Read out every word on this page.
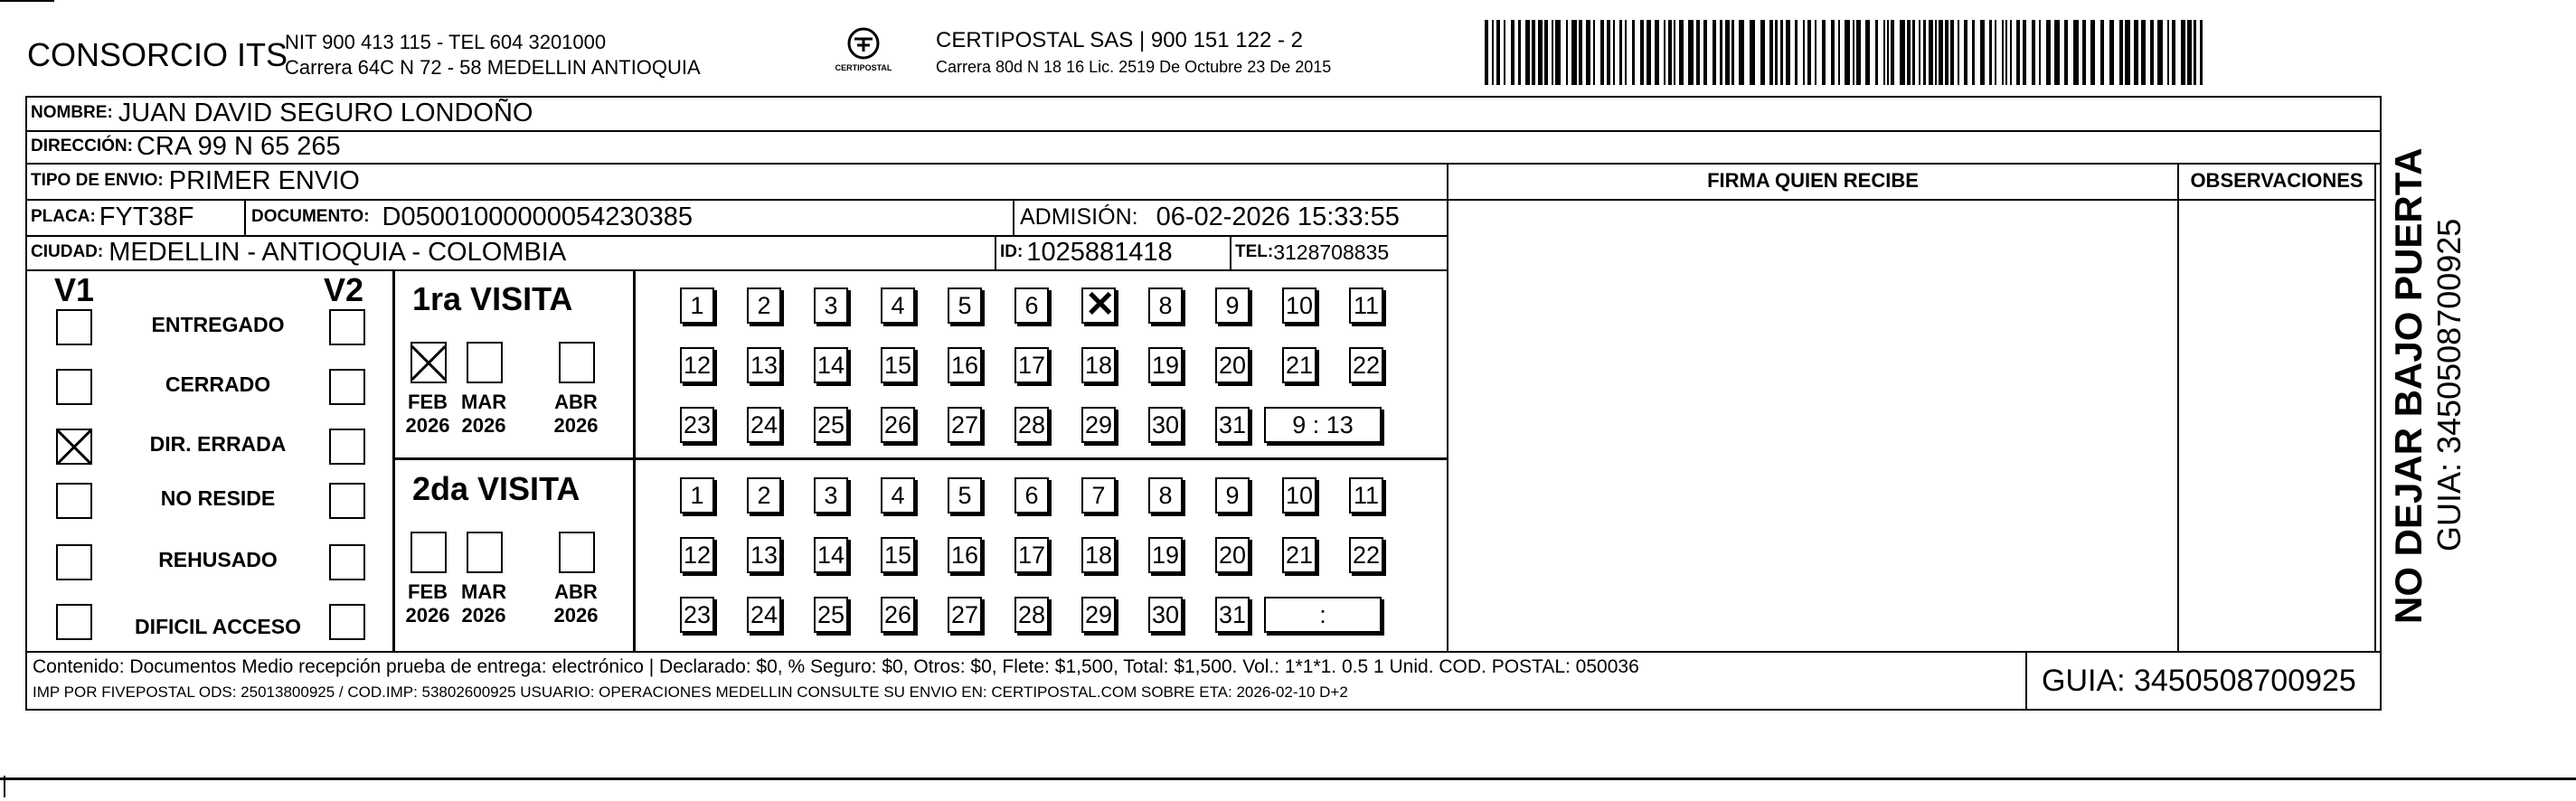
CONSORCIO ITS
NIT 900 413 115 - TEL 604 3201000
Carrera 64C N 72 - 58 MEDELLIN ANTIOQUIA	CERTIPOSTAL
CERTIPOSTAL SAS | 900 151 122 - 2
Carrera 80d N 18 16 Lic. 2519 De Octubre 23 De 2015
NOMBRE: JUAN DAVID SEGURO LONDOÑO
DIRECCIÓN: CRA 99 N 65 265
TIPO DE ENVIO: PRIMER ENVIO	FIRMA QUIEN RECIBE	OBSERVACIONES
PLACA: FYT38F	DOCUMENTO: D05001000000054230385	ADMISIÓN: 06-02-2026 15:33:55
CIUDAD: MEDELLIN - ANTIOQUIA - COLOMBIA	ID: 1025881418	TEL: 3128708835
V1	V2
ENTREGADO
CERRADO
DIR. ERRADA
NO RESIDE
REHUSADO
DIFICIL ACCESO
1ra VISITA
FEB
2026
MAR
2026
ABR
2026
1	2	3	4	5	6
✕	8	9	10 11
12 13 14 15 16 17 18 19 20 21 22
23 24 25 26 27 28 29 30 31	9 : 13
2da VISITA
FEB
2026
MAR
2026
ABR
2026
1	2	3	4	5	6	7	8	9	10 11
12 13 14 15 16 17 18 19 20 21 22
23 24 25 26 27 28 29 30 31	:
Contenido: Documentos Medio recepción prueba de entrega: electrónico | Declarado: $0, % Seguro: $0, Otros: $0, Flete: $1,500, Total: $1,500. Vol.: 1*1*1. 0.5 1 Unid. COD. POSTAL: 050036
IMP POR FIVEPOSTAL ODS: 25013800925 / COD.IMP: 53802600925 USUARIO: OPERACIONES MEDELLIN CONSULTE SU ENVIO EN: CERTIPOSTAL.COM SOBRE ETA: 2026-02-10 D+2	GUIA: 3450508700925
NO DEJAR BAJO PUERTA GUIA: 3450508700925
